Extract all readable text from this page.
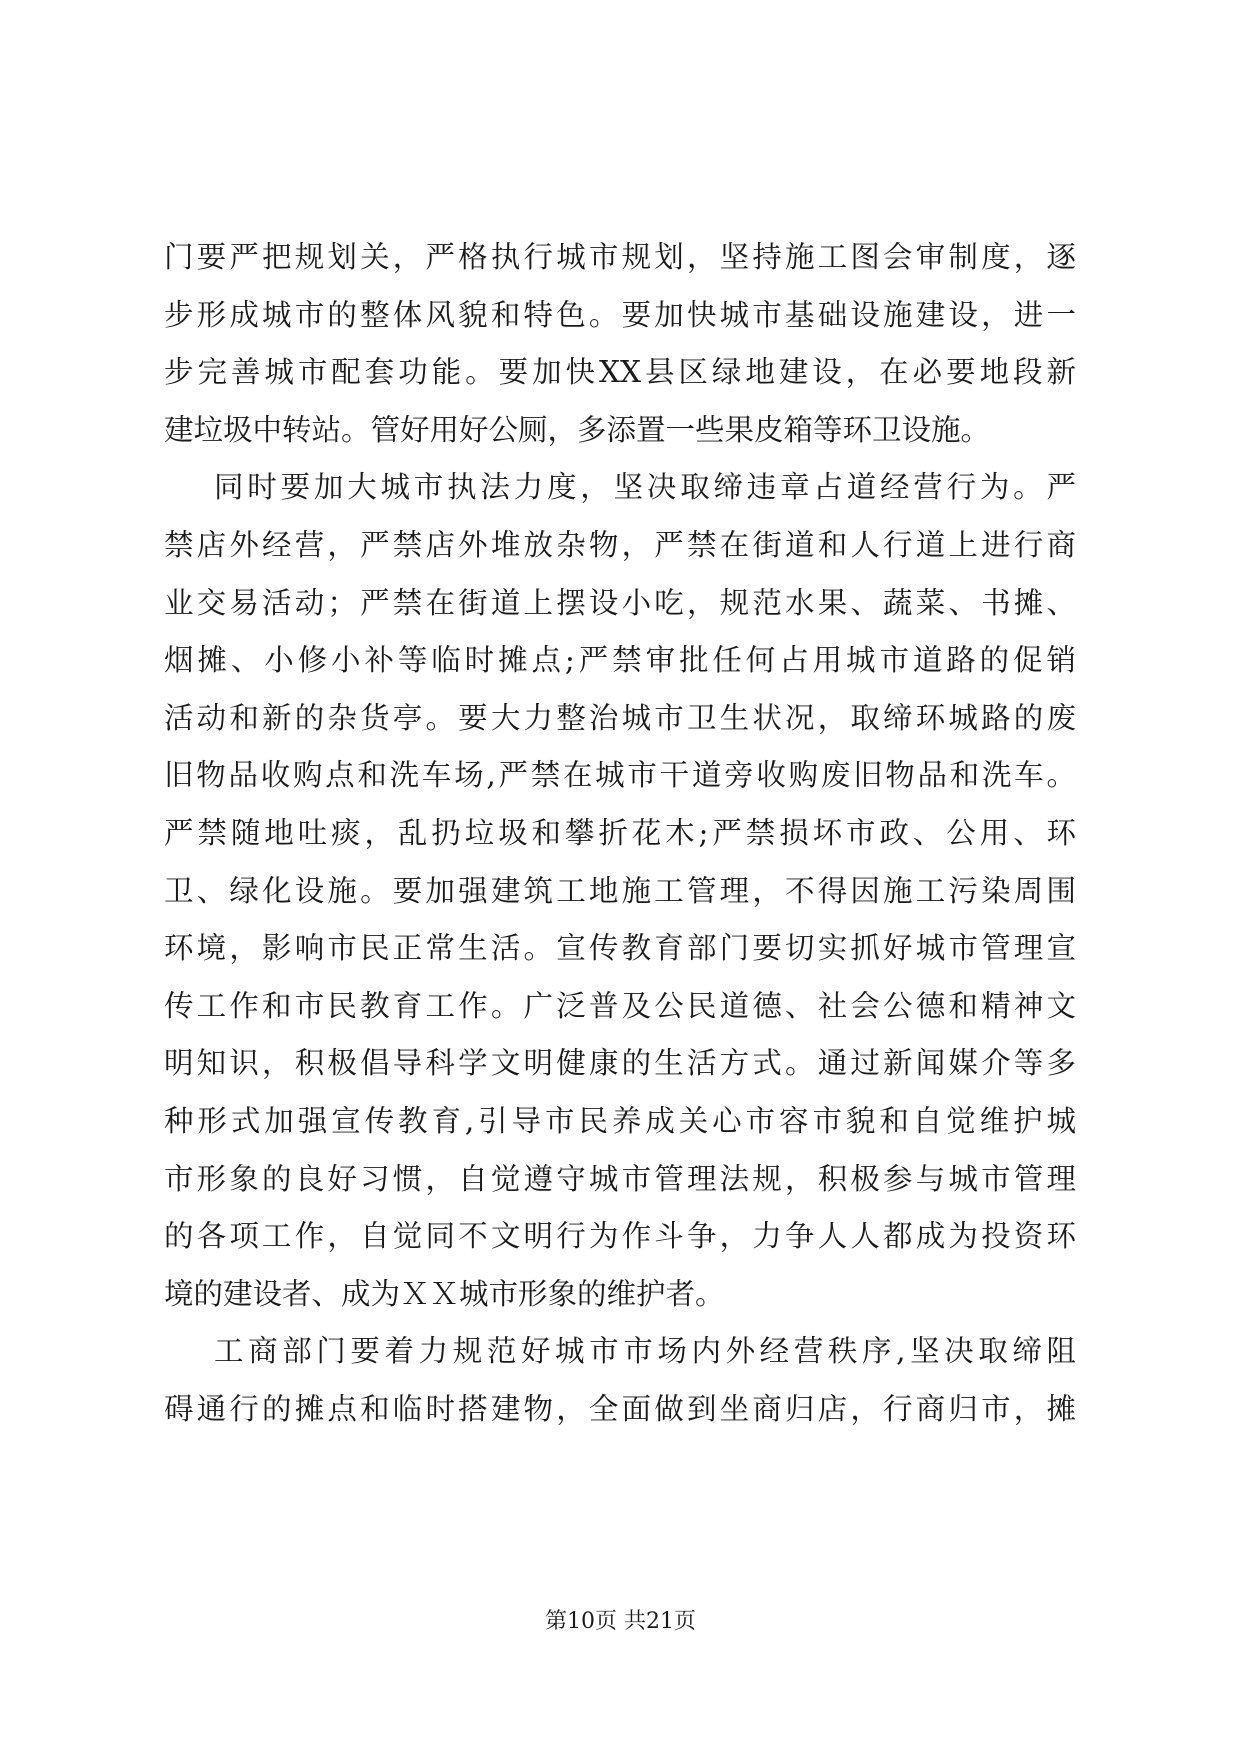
门要严把规划关，严格执行城市规划，坚持施工图会审制度，逐
步形成城市的整体风貌和特色。要加快城市基础设施建设，进一
步完善城市配套功能。要加快XX县区绿地建设，在必要地段新
建垃圾中转站。管好用好公厕，多添置一些果皮箱等环卫设施。
同时要加大城市执法力度，坚决取缔违章占道经营行为。严
禁店外经营，严禁店外堆放杂物，严禁在街道和人行道上进行商
业交易活动；严禁在街道上摆设小吃，规范水果、蔬菜、书摊、
烟摊、小修小补等临时摊点;严禁审批任何占用城市道路的促销
活动和新的杂货亭。要大力整治城市卫生状况，取缔环城路的废
旧物品收购点和洗车场,严禁在城市干道旁收购废旧物品和洗车。
严禁随地吐痰，乱扔垃圾和攀折花木;严禁损坏市政、公用、环
卫、绿化设施。要加强建筑工地施工管理，不得因施工污染周围
环境，影响市民正常生活。宣传教育部门要切实抓好城市管理宣
传工作和市民教育工作。广泛普及公民道德、社会公德和精神文
明知识，积极倡导科学文明健康的生活方式。通过新闻媒介等多
种形式加强宣传教育,引导市民养成关心市容市貌和自觉维护城
市形象的良好习惯，自觉遵守城市管理法规，积极参与城市管理
的各项工作，自觉同不文明行为作斗争，力争人人都成为投资环
境的建设者、成为ＸＸ城市形象的维护者。
工商部门要着力规范好城市市场内外经营秩序,坚决取缔阻
碍通行的摊点和临时搭建物，全面做到坐商归店，行商归市，摊
第10页 共21页
